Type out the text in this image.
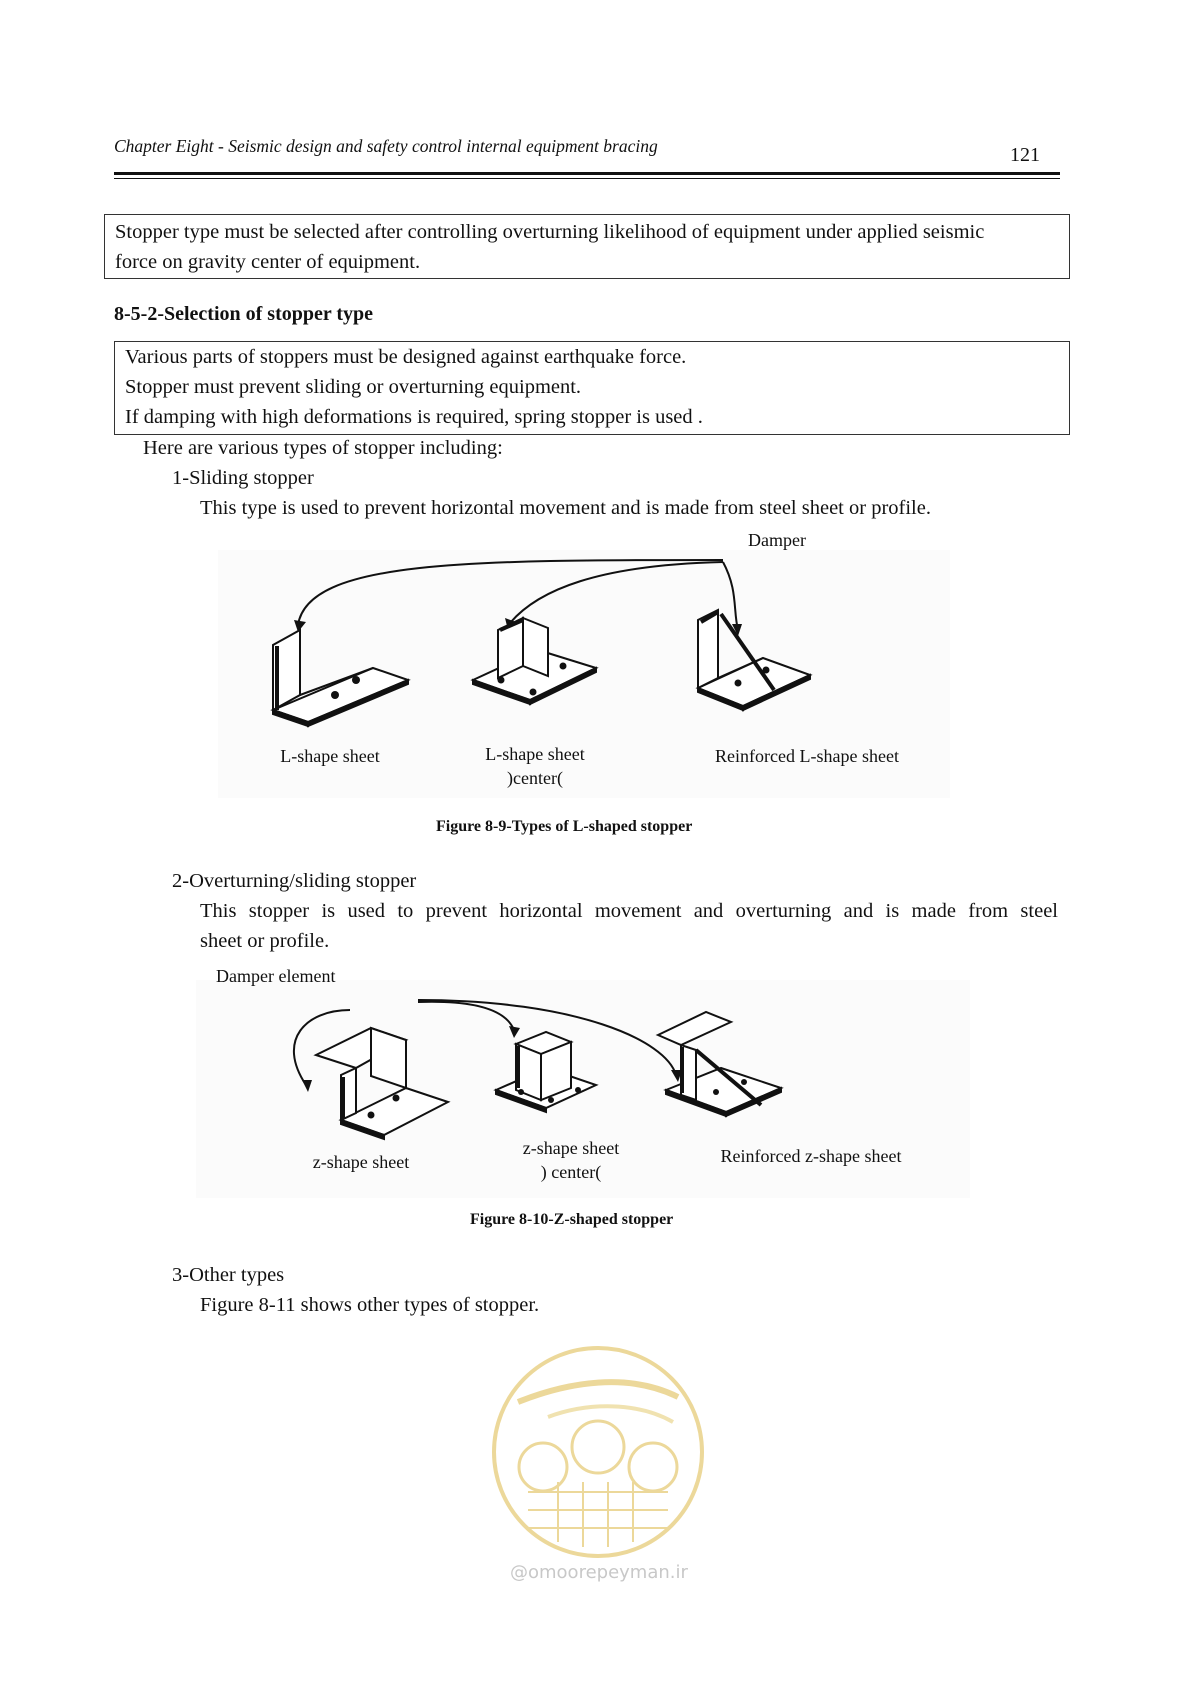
Chapter Eight - Seismic design and safety control internal equipment bracing	121
Stopper type must be selected after controlling overturning likelihood of equipment under applied seismic
force on gravity center of equipment.
8-5-2-Selection of stopper type
Various parts of stoppers must be designed against earthquake force.
Stopper must prevent sliding or overturning equipment.
If damping with high deformations is required, spring stopper is used .
Here are various types of stopper including:
1-Sliding stopper
This type is used to prevent horizontal movement and is made from steel sheet or profile.
Damper
L-shape sheet	L-shape sheet
)center(
Reinforced L-shape sheet
Figure 8-9-Types of L-shaped stopper
2-Overturning/sliding stopper
This stopper is used to prevent horizontal movement and overturning and is made from steel
sheet or profile.
Damper element
z-shape sheet
z-shape sheet
) center(
Reinforced z-shape sheet
Figure 8-10-Z-shaped stopper
3-Other types
Figure 8-11 shows other types of stopper.
@omoorepeyman.ir
